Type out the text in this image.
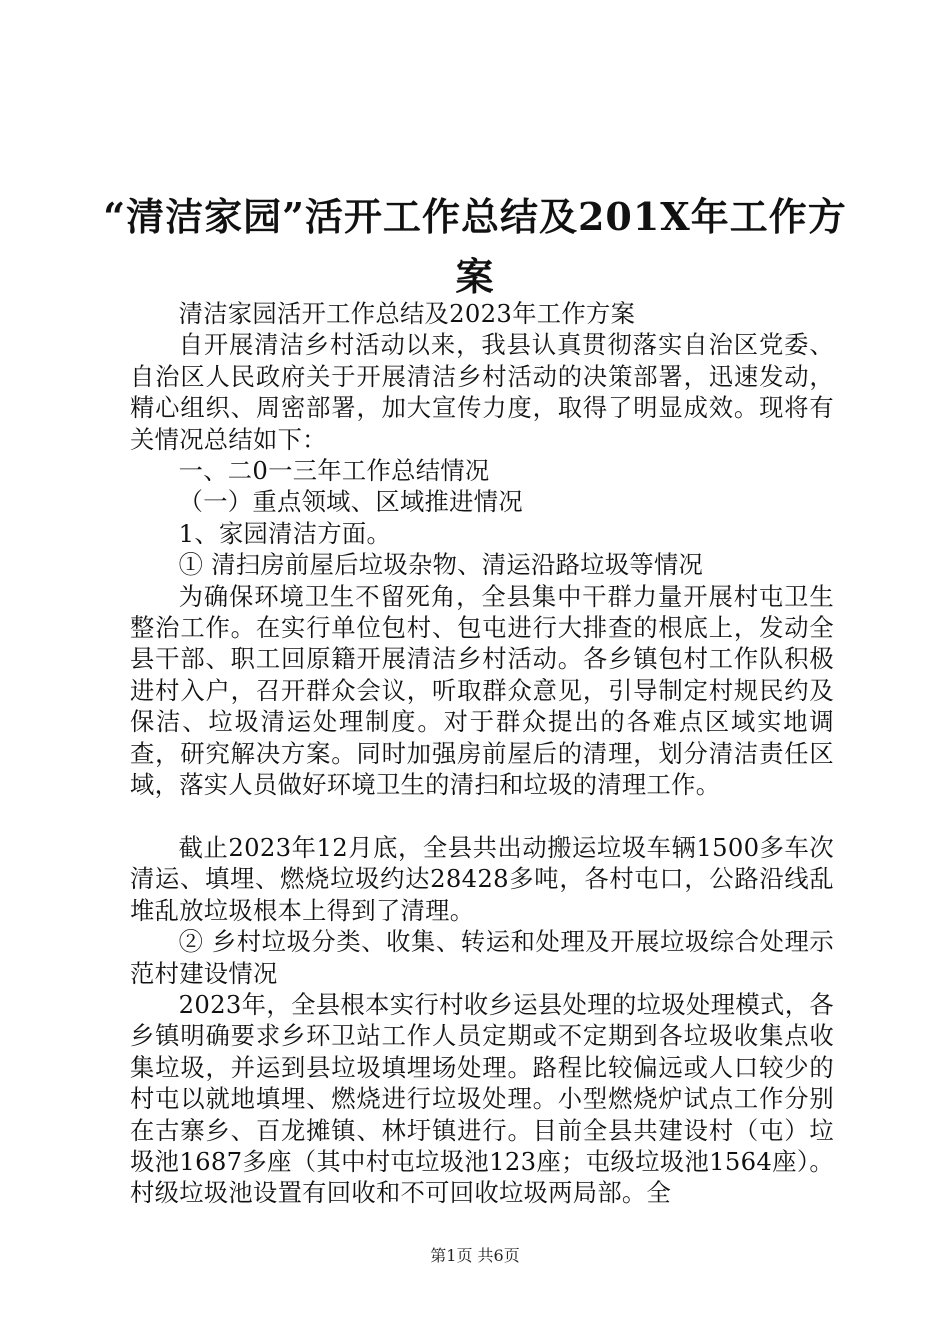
“清洁家园”活开工作总结及201X年工作方
案

清洁家园活开工作总结及2023年工作方案

自开展清洁乡村活动以来，我县认真贯彻落实自治区党委、自治区人民政府关于开展清洁乡村活动的决策部署，迅速发动，精心组织、周密部署，加大宣传力度，取得了明显成效。现将有关情况总结如下：

一、二0一三年工作总结情况

（一）重点领域、区域推进情况

1、家园清洁方面。

① 清扫房前屋后垃圾杂物、清运沿路垃圾等情况

为确保环境卫生不留死角，全县集中干群力量开展村屯卫生整治工作。在实行单位包村、包屯进行大排查的根底上，发动全县干部、职工回原籍开展清洁乡村活动。各乡镇包村工作队积极进村入户，召开群众会议，听取群众意见，引导制定村规民约及保洁、垃圾清运处理制度。对于群众提出的各难点区域实地调查，研究解决方案。同时加强房前屋后的清理，划分清洁责任区域，落实人员做好环境卫生的清扫和垃圾的清理工作。

截止2023年12月底，全县共出动搬运垃圾车辆1500多车次清运、填埋、燃烧垃圾约达28428多吨，各村屯口，公路沿线乱堆乱放垃圾根本上得到了清理。

② 乡村垃圾分类、收集、转运和处理及开展垃圾综合处理示范村建设情况

2023年，全县根本实行村收乡运县处理的垃圾处理模式，各乡镇明确要求乡环卫站工作人员定期或不定期到各垃圾收集点收集垃圾，并运到县垃圾填埋场处理。路程比较偏远或人口较少的村屯以就地填埋、燃烧进行垃圾处理。小型燃烧炉试点工作分别在古寨乡、百龙摊镇、林圩镇进行。目前全县共建设村（屯）垃圾池1687多座（其中村屯垃圾池123座；屯级垃圾池1564座）。村级垃圾池设置有回收和不可回收垃圾两局部。全

第1页 共6页
